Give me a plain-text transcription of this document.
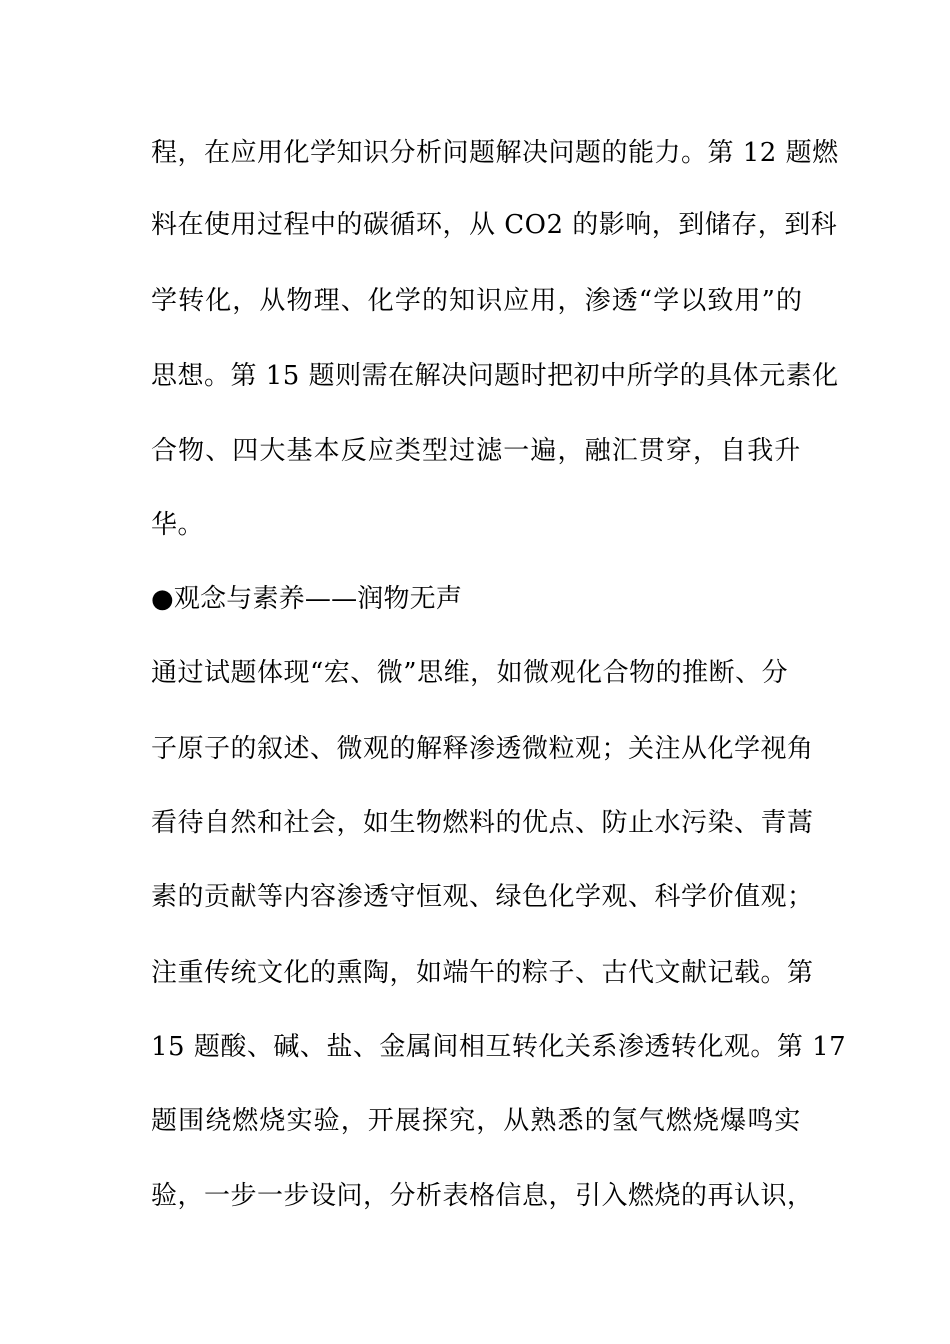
程，在应用化学知识分析问题解决问题的能力。第 12 题燃
料在使用过程中的碳循环，从 CO2 的影响，到储存，到科
学转化，从物理、化学的知识应用，渗透“学以致用”的
思想。第 15 题则需在解决问题时把初中所学的具体元素化
合物、四大基本反应类型过滤一遍，融汇贯穿，自我升
华。
●观念与素养——润物无声
通过试题体现“宏、微”思维，如微观化合物的推断、分
子原子的叙述、微观的解释渗透微粒观；关注从化学视角
看待自然和社会，如生物燃料的优点、防止水污染、青蒿
素的贡献等内容渗透守恒观、绿色化学观、科学价值观；
注重传统文化的熏陶，如端午的粽子、古代文献记载。第
15 题酸、碱、盐、金属间相互转化关系渗透转化观。第 17
题围绕燃烧实验，开展探究，从熟悉的氢气燃烧爆鸣实
验，一步一步设问，分析表格信息，引入燃烧的再认识，
